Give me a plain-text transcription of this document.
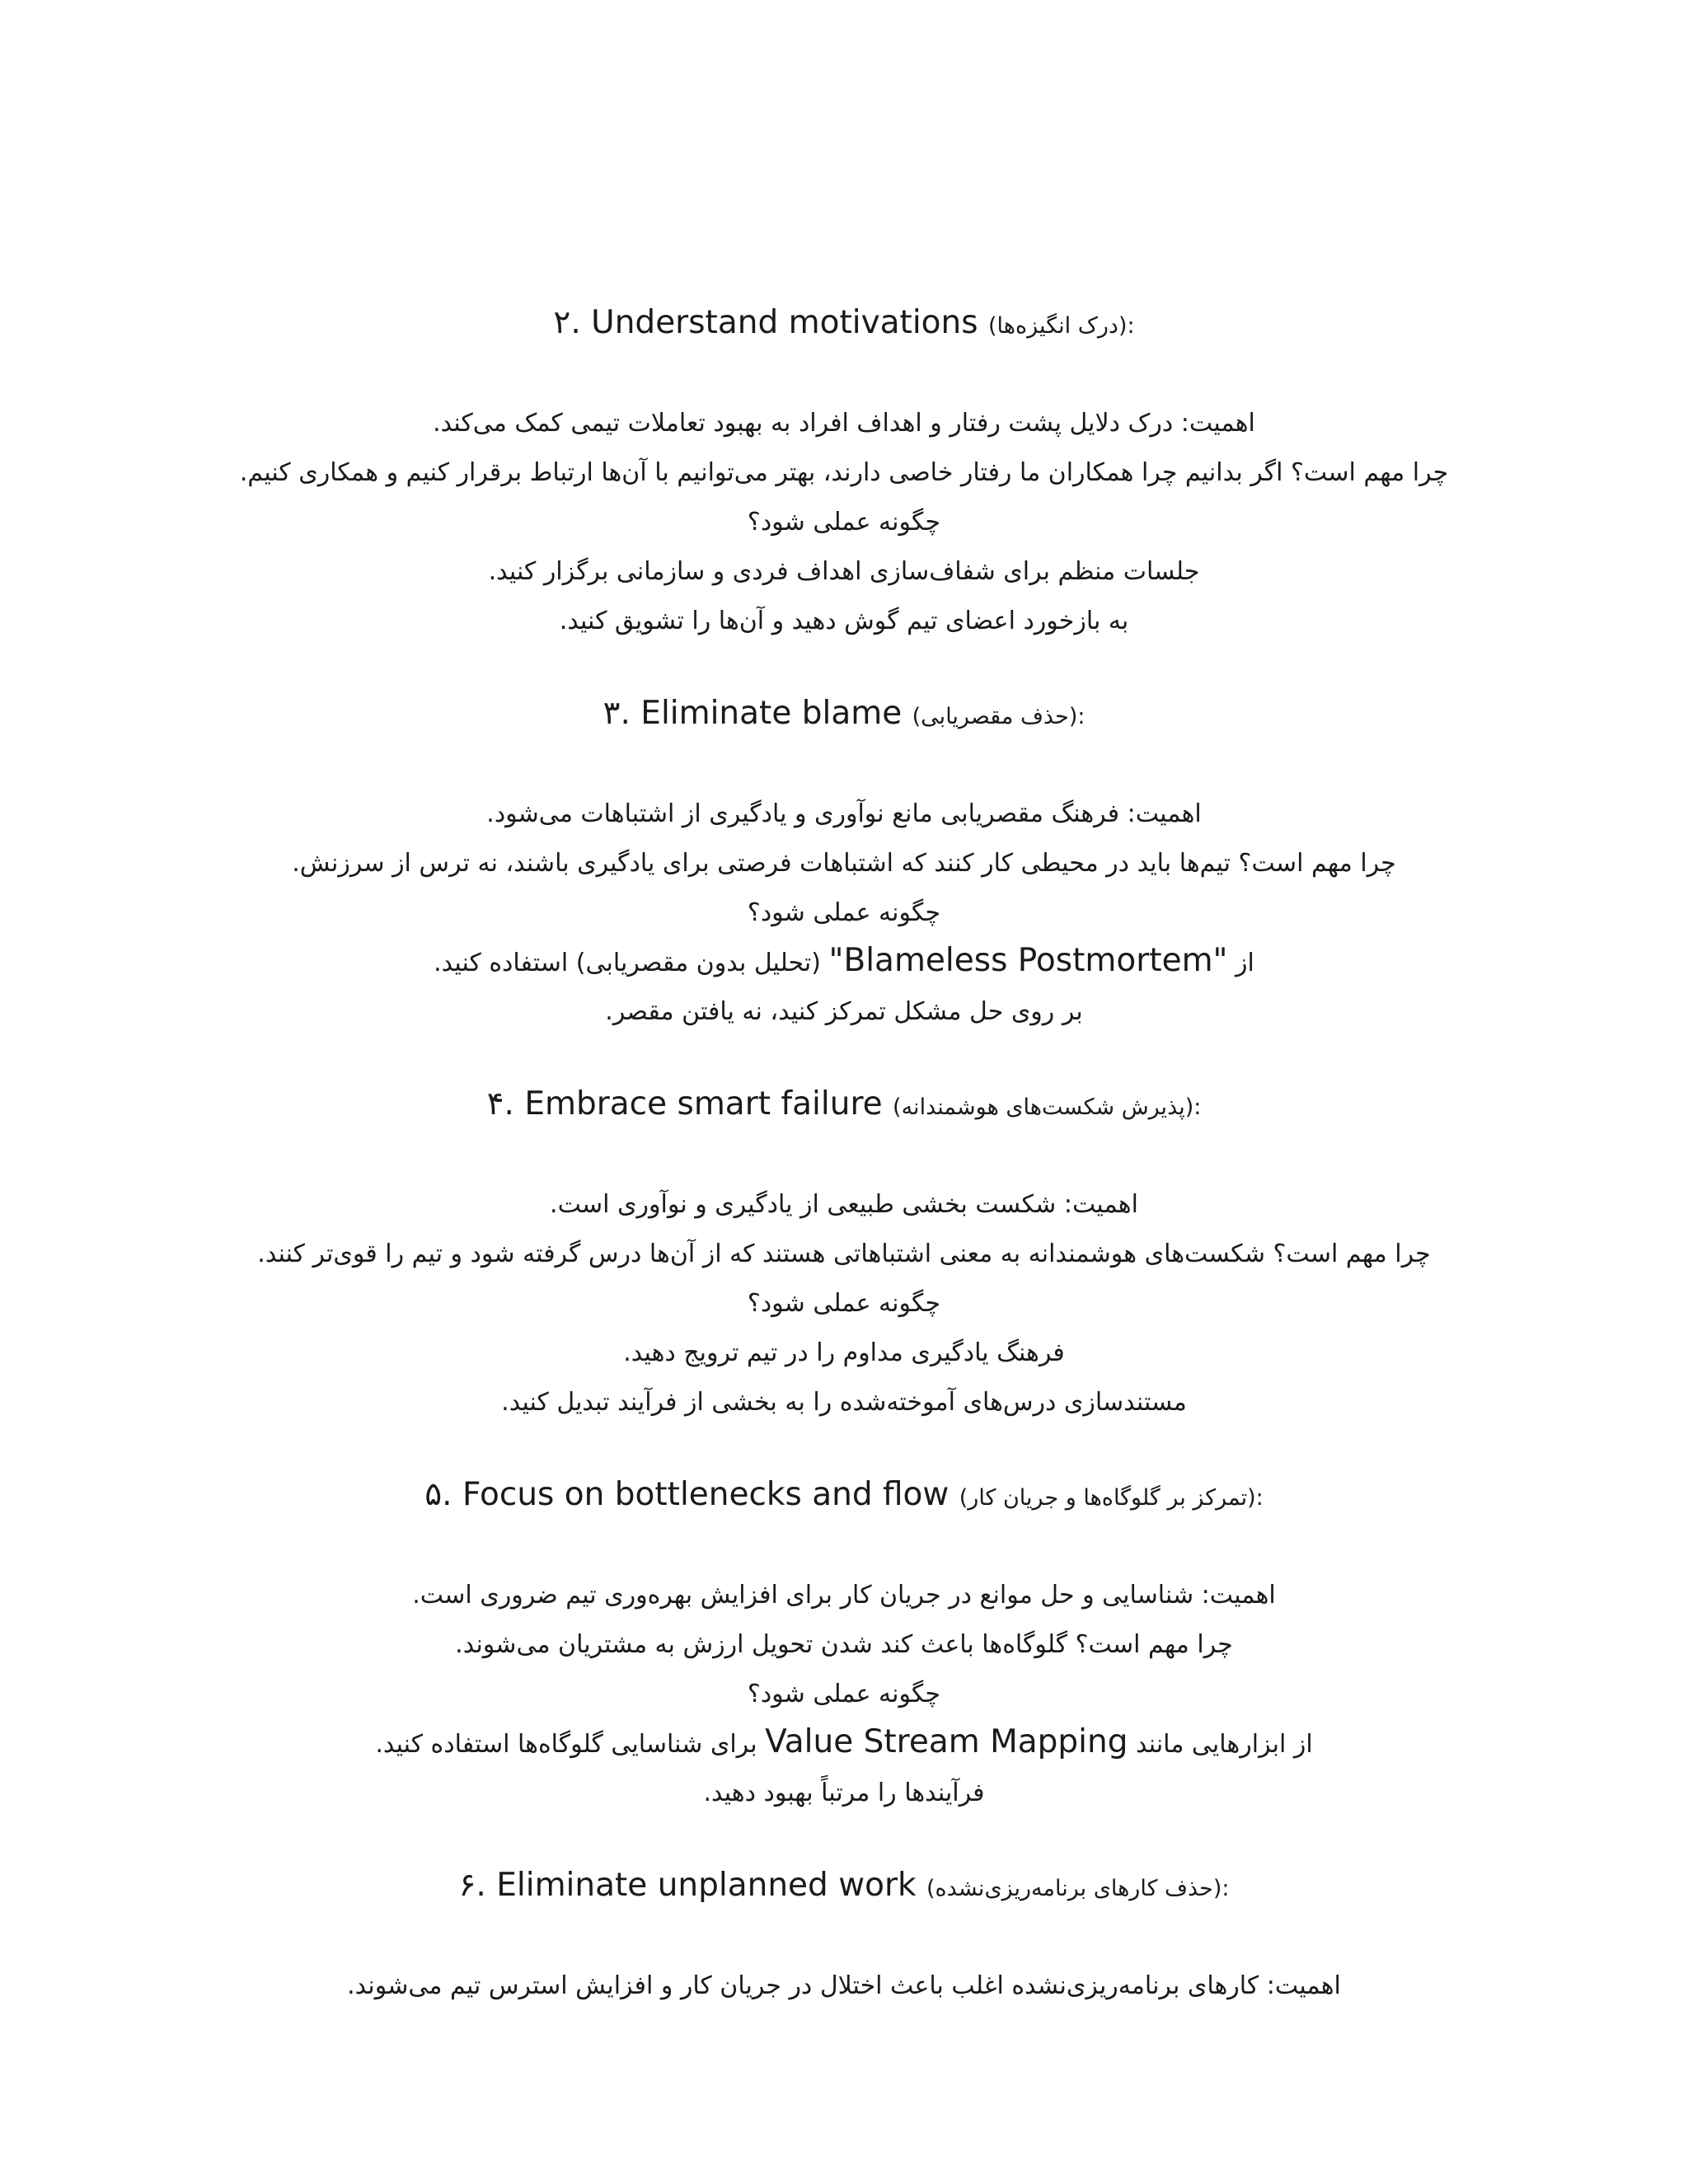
۲. Understand motivations (درک انگیزه‌ها):
اهمیت: درک دلایل پشت رفتار و اهداف افراد به بهبود تعاملات تیمی کمک می‌کند.
چرا مهم است؟ اگر بدانیم چرا همکاران ما رفتار خاصی دارند، بهتر می‌توانیم با آن‌ها ارتباط برقرار کنیم و همکاری کنیم.
چگونه عملی شود؟
جلسات منظم برای شفاف‌سازی اهداف فردی و سازمانی برگزار کنید.
به بازخورد اعضای تیم گوش دهید و آن‌ها را تشویق کنید.
۳. Eliminate blame (حذف مقصریابی):
اهمیت: فرهنگ مقصریابی مانع نوآوری و یادگیری از اشتباهات می‌شود.
چرا مهم است؟ تیم‌ها باید در محیطی کار کنند که اشتباهات فرصتی برای یادگیری باشند، نه ترس از سرزنش.
چگونه عملی شود؟
از "Blameless Postmortem" (تحلیل بدون مقصریابی) استفاده کنید.
بر روی حل مشکل تمرکز کنید، نه یافتن مقصر.
۴. Embrace smart failure (پذیرش شکست‌های هوشمندانه):
اهمیت: شکست بخشی طبیعی از یادگیری و نوآوری است.
چرا مهم است؟ شکست‌های هوشمندانه به معنی اشتباهاتی هستند که از آن‌ها درس گرفته شود و تیم را قوی‌تر کنند.
چگونه عملی شود؟
فرهنگ یادگیری مداوم را در تیم ترویج دهید.
مستندسازی درس‌های آموخته‌شده را به بخشی از فرآیند تبدیل کنید.
۵. Focus on bottlenecks and flow (تمرکز بر گلوگاه‌ها و جریان کار):
اهمیت: شناسایی و حل موانع در جریان کار برای افزایش بهره‌وری تیم ضروری است.
چرا مهم است؟ گلوگاه‌ها باعث کند شدن تحویل ارزش به مشتریان می‌شوند.
چگونه عملی شود؟
از ابزارهایی مانند Value Stream Mapping برای شناسایی گلوگاه‌ها استفاده کنید.
فرآیندها را مرتباً بهبود دهید.
۶. Eliminate unplanned work (حذف کارهای برنامه‌ریزی‌نشده):
اهمیت: کارهای برنامه‌ریزی‌نشده اغلب باعث اختلال در جریان کار و افزایش استرس تیم می‌شوند.
